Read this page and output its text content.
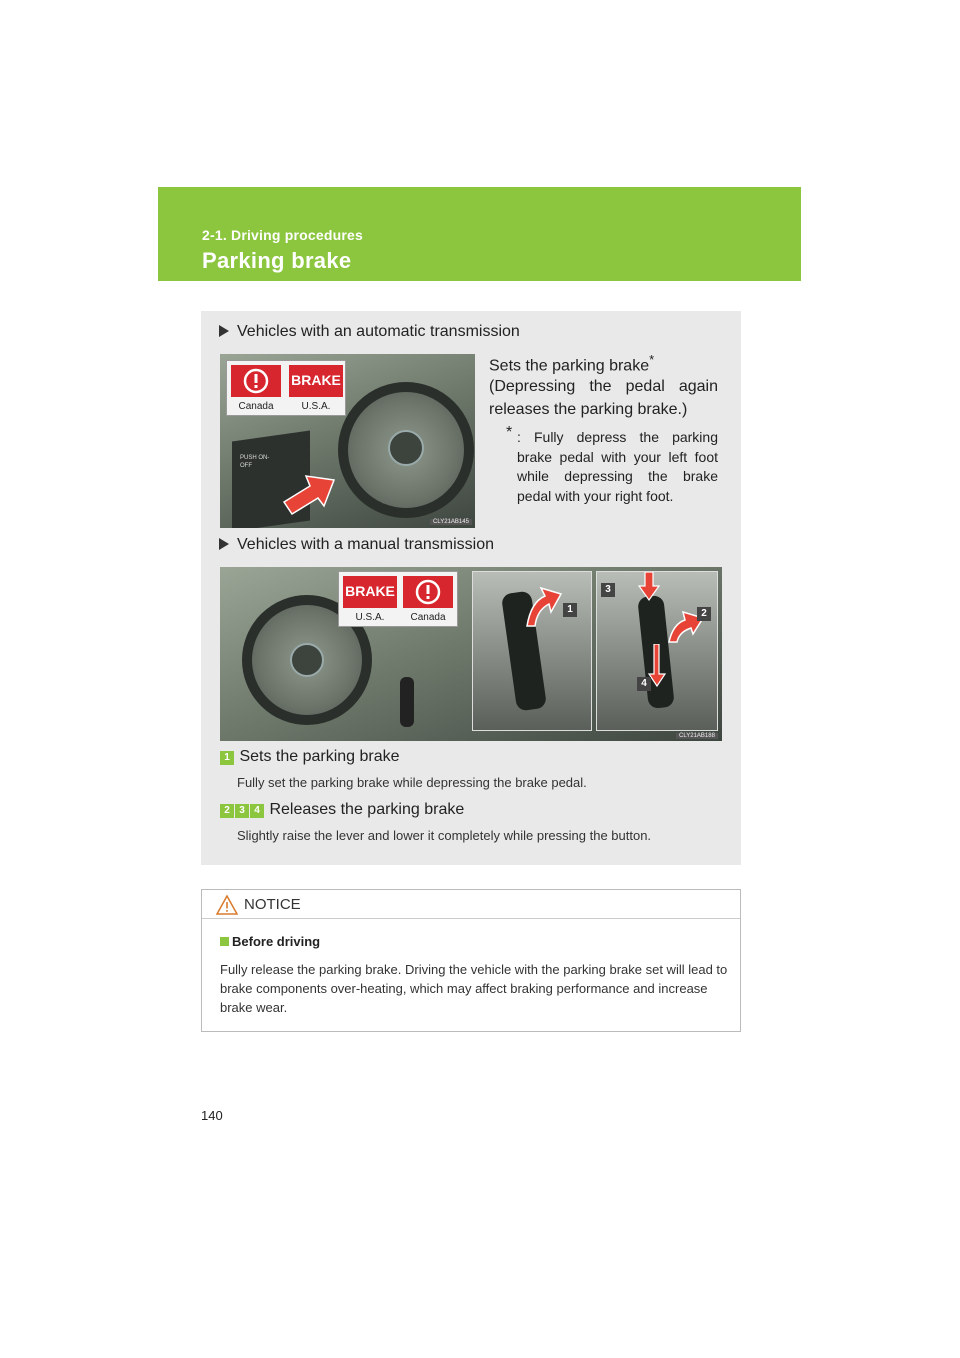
2-1. Driving procedures
Parking brake
Vehicles with an automatic transmission
PUSH ON-OFF
BRAKE
Canada	U.S.A.
CLY21AB145
Sets the parking brake*
(Depressing the pedal again releases the parking brake.)
* : Fully depress the parking brake pedal with your left foot while depressing the brake pedal with your right foot.
Vehicles with a manual transmission
BRAKE
U.S.A.	Canada
1
3
2
4
CLY21AB188
1 Sets the parking brake
Fully set the parking brake while depressing the brake pedal.
2 3 4 Releases the parking brake
Slightly raise the lever and lower it completely while pressing the button.
NOTICE
Before driving
Fully release the parking brake. Driving the vehicle with the parking brake set will lead to brake components over-heating, which may affect braking performance and increase brake wear.
140
